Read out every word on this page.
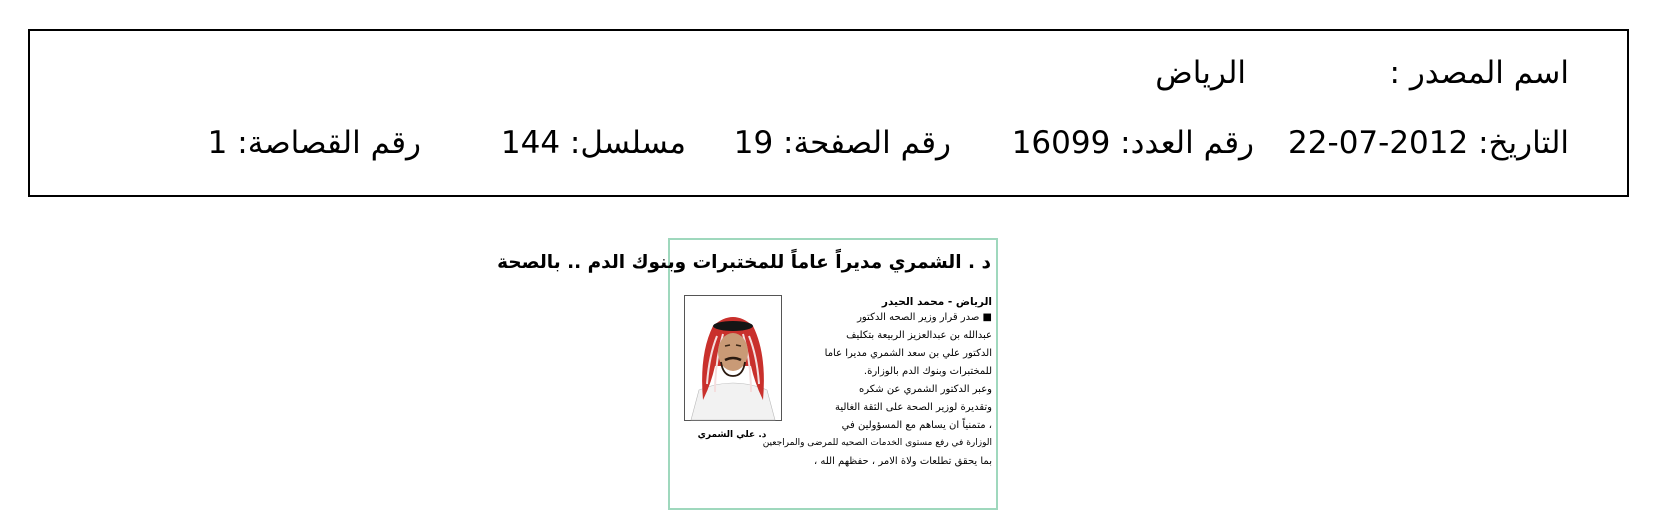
اسم المصدر :
الرياض
التاريخ: 2012-07-22
رقم العدد: 16099
رقم الصفحة: 19
مسلسل: 144
رقم القصاصة: 1
د . الشمري مديراً عاماً للمختبرات وبنوك الدم .. بالصحة
د. علي الشمري
الرياض - محمد الحيدر
■ صدر قرار وزير الصحه الدكتور
عبدالله بن عبدالعزيز الربيعة بتكليف
الدكتور علي بن سعد الشمري مديرا عاما
للمختبرات وبنوك الدم بالوزارة.
وعبر الدكتور الشمري عن شكره
وتقديرة لوزير الصحة على الثقة الغالية
، متمنياً ان يساهم مع المسؤولين في
الوزارة في رفع مستوى الخدمات الصحيه للمرضى والمراجعين
بما يحقق تطلعات ولاة الامر ، حفظهم الله ،
